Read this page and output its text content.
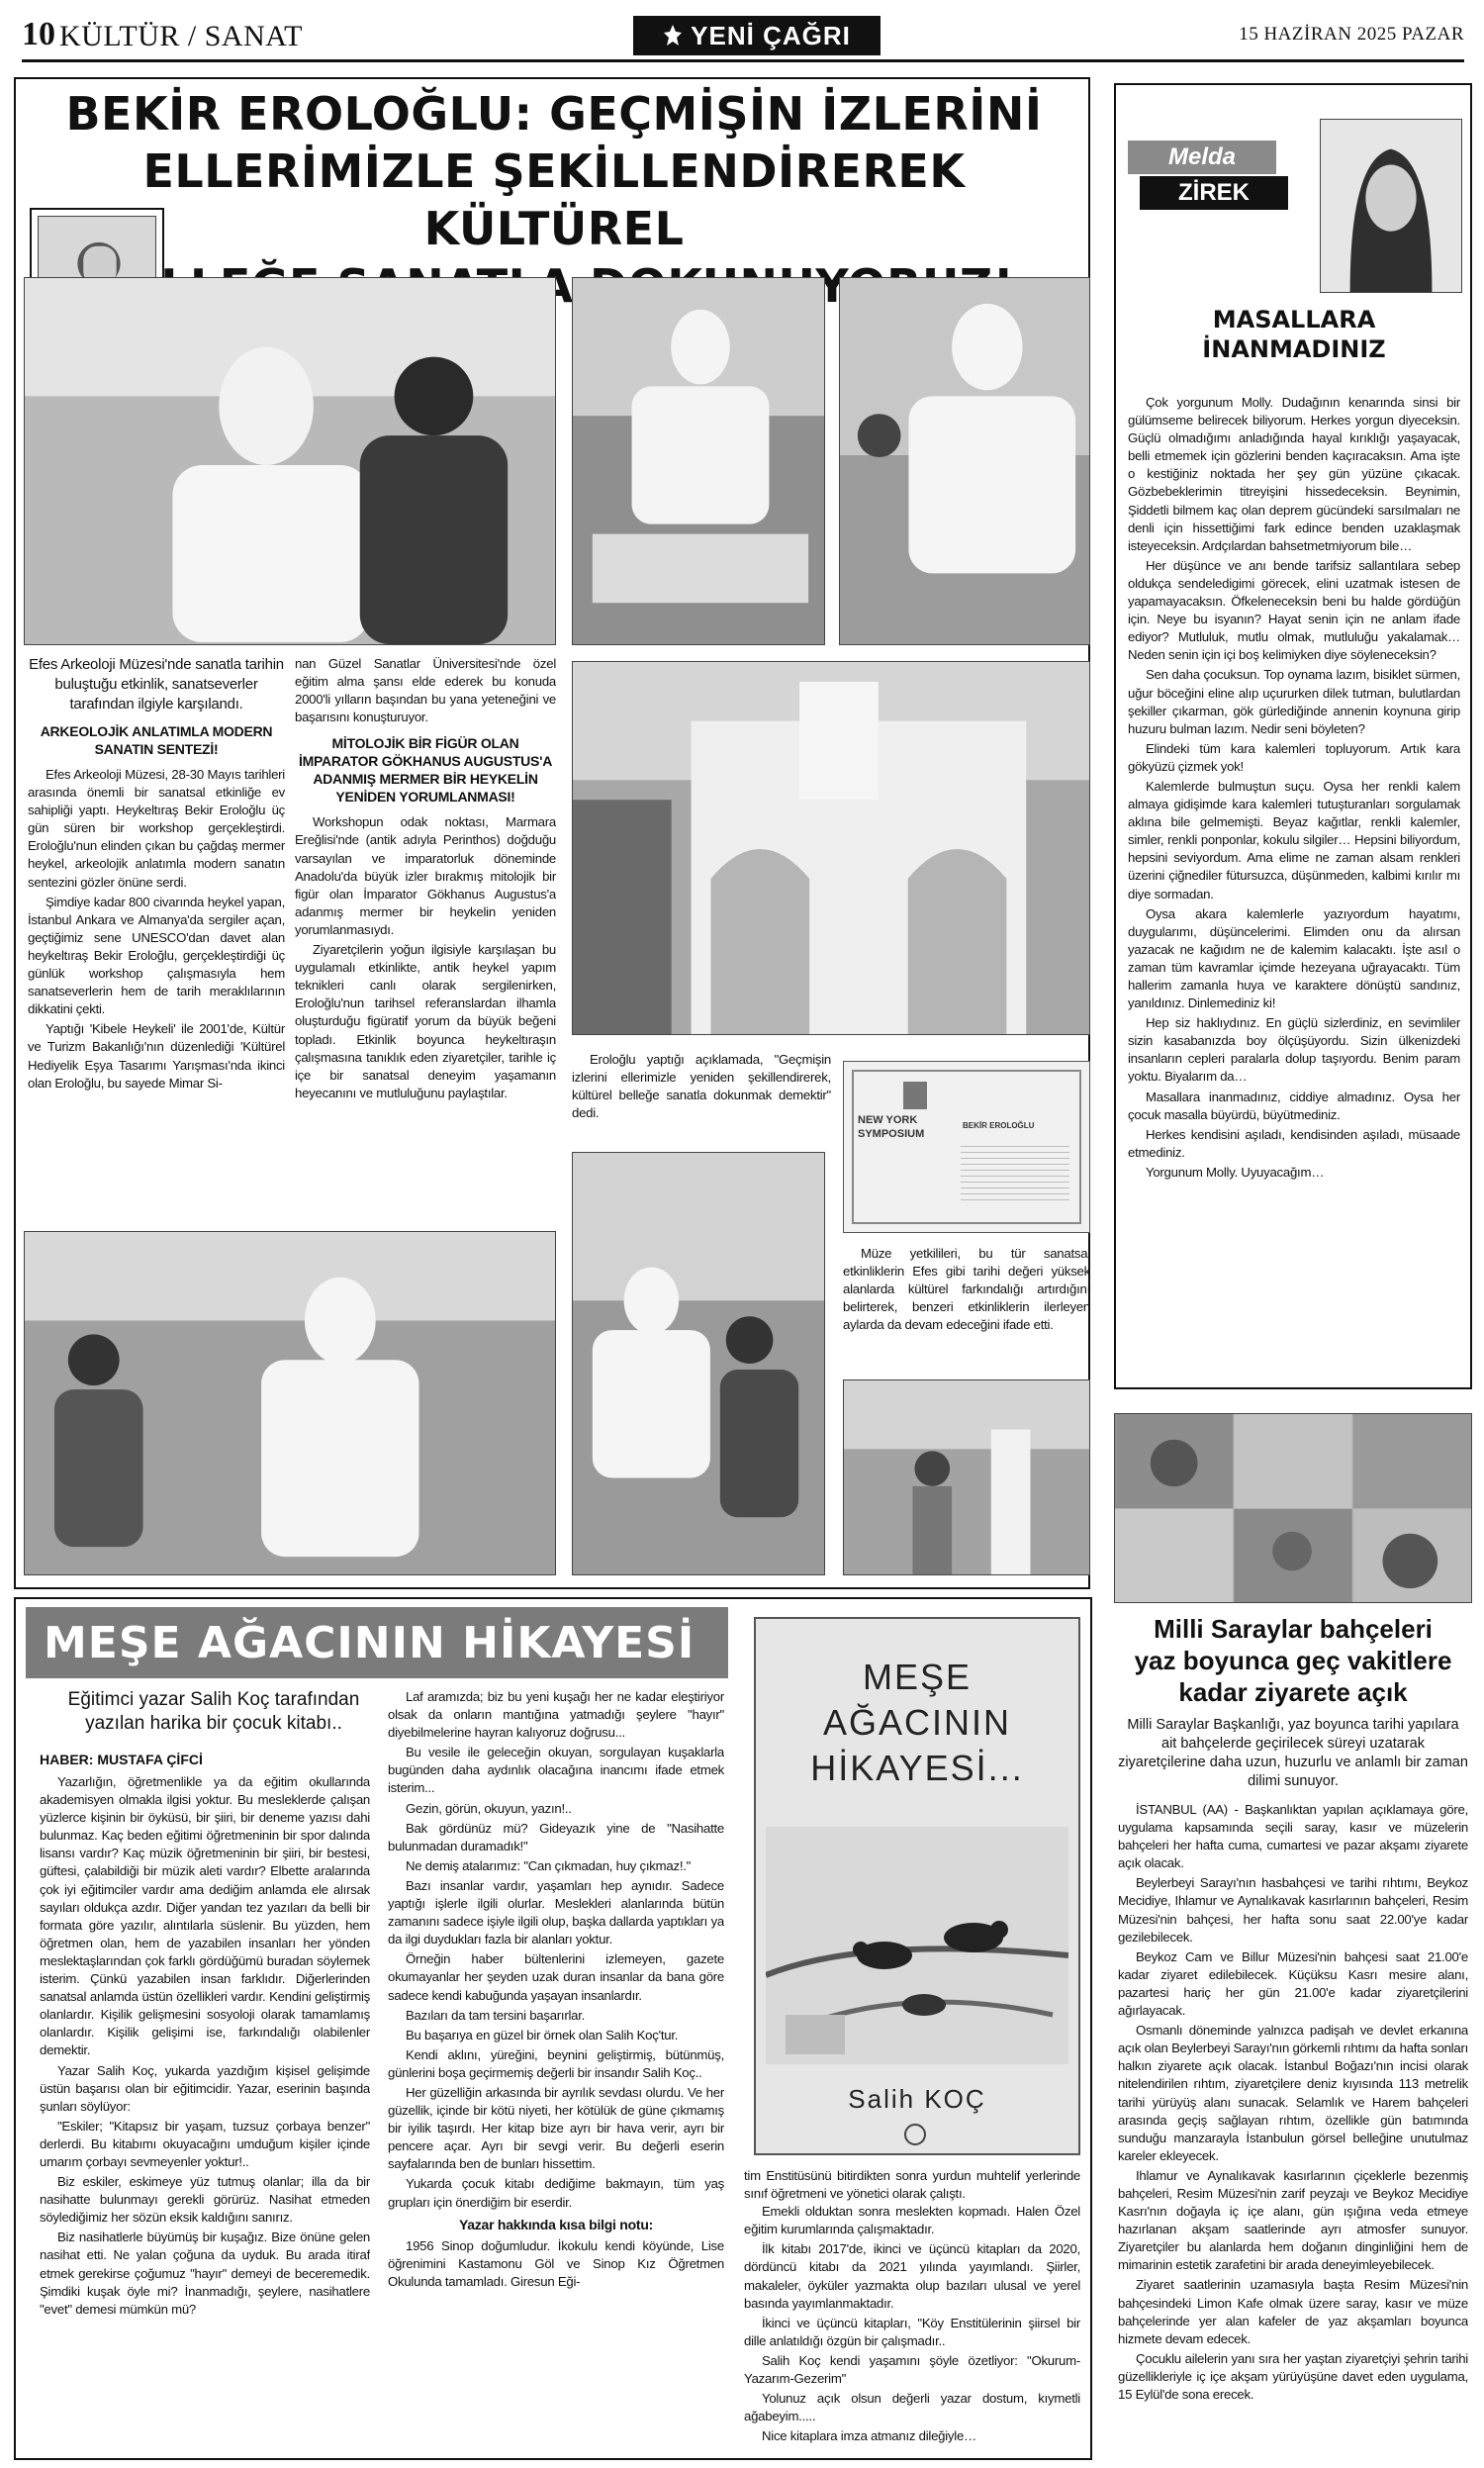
10 KÜLTÜR / SANAT	YENİ ÇAĞRI	15 HAZİRAN 2025 PAZAR
BEKİR EROLOĞLU: GEÇMİŞİN İZLERİNİ
ELLERİMİZLE ŞEKİLLENDİREREK KÜLTÜREL
Efes Arkeoloji Müzesi'nde sanatla tarihin buluştuğu etkinlik, sanatseverler tarafından ilgiyle karşılandı.
ARKEOLOJİK ANLATIMLA MODERN SANATIN SENTEZİ!

Efes Arkeoloji Müzesi, 28-30 Mayıs tarihleri arasında önemli bir sanatsal etkinliğe ev sahipliği yaptı. Heykeltıraş Bekir Eroloğlu üç gün süren bir workshop gerçekleştirdi. Eroloğlu'nun elinden çıkan bu çağdaş mermer heykel, arkeolojik anlatımla modern sanatın sentezini gözler önüne serdi.

Şimdiye kadar 800 civarında heykel yapan, İstanbul Ankara ve Almanya'da sergiler açan, geçtiğimiz sene UNESCO'dan davet alan heykeltıraş Bekir Eroloğlu, gerçekleştirdiği üç günlük workshop çalışmasıyla hem sanatseverlerin hem de tarih meraklılarının dikkatini çekti.

Yaptığı 'Kibele Heykeli' ile 2001'de, Kültür ve Turizm Bakanlığı'nın düzenlediği 'Kültürel Hediyelik Eşya Tasarımı Yarışması'nda ikinci olan Eroloğlu, bu sayede Mimar Si-

nan Güzel Sanatlar Üniversitesi'nde özel eğitim alma şansı elde ederek bu konuda 2000'li yılların başından bu yana yeteneğini ve başarısını konuşturuyor.
MİTOLOJİK BİR FİGÜR OLAN İMPARATOR GÖKHANUS AUGUSTUS'A ADANMIŞ MERMER BİR HEYKELİN YENİDEN YORUMLANMASI!

Workshopun odak noktası, Marmara Ereğlisi'nde (antik adıyla Perinthos) doğduğu varsayılan ve imparatorluk döneminde Anadolu'da büyük izler bırakmış mitolojik bir figür olan İmparator Gökhanus Augustus'a adanmış mermer bir heykelin yeniden yorumlanmasıydı.

Ziyaretçilerin yoğun ilgisiyle karşılaşan bu uygulamalı etkinlikte, antik heykel yapım teknikleri canlı olarak sergilenirken, Eroloğlu'nun tarihsel referanslardan ilhamla oluşturduğu figüratif yorum da büyük beğeni topladı. Etkinlik boyunca heykeltıraşın çalışmasına tanıklık eden ziyaretçiler, tarihle iç içe bir sanatsal deneyim yaşamanın heyecanını ve mutluluğunu paylaştılar.

Eroloğlu yaptığı açıklamada, "Geçmişin izlerini ellerimizle yeniden şekillendirerek, kültürel belleğe sanatla dokunmak demektir" dedi.	NEW YORK SYMPOSIUM
BEKİR EROLOĞLU
Müze yetkilileri, bu tür sanatsal etkinliklerin Efes gibi tarihi değeri yüksek alanlarda kültürel farkındalığı artırdığını belirterek, benzeri etkinliklerin ilerleyen aylarda da devam edeceğini ifade etti.
Melda
ZİREK
MASALLARA
İNANMADINIZ

Çok yorgunum Molly. Dudağının kenarında sinsi bir gülümseme belirecek biliyorum. Herkes yorgun diyeceksin. Güçlü olmadığımı anladığında hayal kırıklığı yaşayacak, belli etmemek için gözlerini benden kaçıracaksın. Ama işte o kestiğiniz noktada her şey gün yüzüne çıkacak. Gözbebeklerimin titreyişini hissedeceksin. Beynimin, Şiddetli bilmem kaç olan deprem gücündeki sarsılmaları ne denli için hissettiğimi fark edince benden uzaklaşmak isteyeceksin. Ardçılardan bahsetmetmiyorum bile…

Her düşünce ve anı bende tarifsiz sallantılara sebep oldukça sendeledigimi görecek, elini uzatmak istesen de yapamayacaksın. Öfkeleneceksin beni bu halde gördüğün için. Neye bu isyanın? Hayat senin için ne anlam ifade ediyor? Mutluluk, mutlu olmak, mutluluğu yakalamak… Neden senin için içi boş kelimiyken diye söyleneceksin?

Sen daha çocuksun. Top oynama lazım, bisiklet sürmen, uğur böceğini eline alıp uçururken dilek tutman, bulutlardan şekiller çıkarman, gök gürlediğinde annenin koynuna girip huzuru bulman lazım. Nedir seni böyleten?

Elindeki tüm kara kalemleri topluyorum. Artık kara gökyüzü çizmek yok!

Kalemlerde bulmuştun suçu. Oysa her renkli kalem almaya gidişimde kara kalemleri tutuşturanları sorgulamak aklına bile gelmemişti. Beyaz kağıtlar, renkli kalemler, simler, renkli ponponlar, kokulu silgiler… Hepsini biliyordum, hepsini seviyordum. Ama elime ne zaman alsam renkleri üzerini çiğnediler fütursuzca, düşünmeden, kalbimi kırılır mı diye sormadan.

Oysa akara kalemlerle yazıyordum hayatımı, duygularımı, düşüncelerimi. Elimden onu da alırsan yazacak ne kağıdım ne de kalemim kalacaktı. İşte asıl o zaman tüm kavramlar içimde hezeyana uğrayacaktı. Tüm hallerim zamanla huya ve karaktere dönüştü sandınız, yanıldınız. Dinlemediniz ki!

Hep siz haklıydınız. En güçlü sizlerdiniz, en sevimliler sizin kasabanızda boy ölçüşüyordu. Sizin ülkenizdeki insanların cepleri paralarla dolup taşıyordu. Benim param yoktu. Biyalarım da…

Masallara inanmadınız, ciddiye almadınız. Oysa her çocuk masalla büyürdü, büyütmediniz.

Herkes kendisini aşıladı, kendisinden aşıladı, müsaade etmediniz.

Yorgunum Molly. Uyuyacağım…

Milli Saraylar bahçeleri
yaz boyunca geç vakitlere
kadar ziyarete açık
Milli Saraylar Başkanlığı, yaz boyunca tarihi yapılara ait bahçelerde geçirilecek süreyi uzatarak ziyaretçilerine daha uzun, huzurlu ve anlamlı bir zaman dilimi sunuyor.

İSTANBUL (AA) - Başkanlıktan yapılan açıklamaya göre, uygulama kapsamında seçili saray, kasır ve müzelerin bahçeleri her hafta cuma, cumartesi ve pazar akşamı ziyarete açık olacak.

Beylerbeyi Sarayı'nın hasbahçesi ve tarihi rıhtımı, Beykoz Mecidiye, Ihlamur ve Aynalıkavak kasırlarının bahçeleri, Resim Müzesi'nin bahçesi, her hafta sonu saat 22.00'ye kadar gezilebilecek.

Beykoz Cam ve Billur Müzesi'nin bahçesi saat 21.00'e kadar ziyaret edilebilecek. Küçüksu Kasrı mesire alanı, pazartesi hariç her gün 21.00'e kadar ziyaretçilerini ağırlayacak.

Osmanlı döneminde yalnızca padişah ve devlet erkanına açık olan Beylerbeyi Sarayı'nın görkemli rıhtımı da hafta sonları halkın ziyarete açık olacak. İstanbul Boğazı'nın incisi olarak nitelendirilen rıhtım, ziyaretçilere deniz kıyısında 113 metrelik tarihi yürüyüş alanı sunacak. Selamlık ve Harem bahçeleri arasında geçiş sağlayan rıhtım, özellikle gün batımında sunduğu manzarayla İstanbulun görsel belleğine unutulmaz kareler ekleyecek.

Ihlamur ve Aynalıkavak kasırlarının çiçeklerle bezenmiş bahçeleri, Resim Müzesi'nin zarif peyzajı ve Beykoz Mecidiye Kasrı'nın doğayla iç içe alanı, gün ışığına veda etmeye hazırlanan akşam saatlerinde ayrı atmosfer sunuyor. Ziyaretçiler bu alanlarda hem doğanın dinginliğini hem de mimarinin estetik zarafetini bir arada deneyimleyebilecek.

Ziyaret saatlerinin uzamasıyla başta Resim Müzesi'nin bahçesindeki Limon Kafe olmak üzere saray, kasır ve müze bahçelerinde yer alan kafeler de yaz akşamları boyunca hizmete devam edecek.

Çocuklu ailelerin yanı sıra her yaştan ziyaretçiyi şehrin tarihi güzellikleriyle iç içe akşam yürüyüşüne davet eden uygulama, 15 Eylül'de sona erecek.

MEŞE AĞACININ HİKAYESİ
Eğitimci yazar Salih Koç tarafından yazılan harika bir çocuk kitabı..
HABER: MUSTAFA ÇİFCİ

Yazarlığın, öğretmenlikle ya da eğitim okullarında akademisyen olmakla ilgisi yoktur. Bu mesleklerde çalışan yüzlerce kişinin bir öyküsü, bir şiiri, bir deneme yazısı dahi bulunmaz. Kaç beden eğitimi öğretmeninin bir spor dalında lisansı vardır? Kaç müzik öğretmeninin bir şiiri, bir bestesi, güftesi, çalabildiği bir müzik aleti vardır? Elbette aralarında çok iyi eğitimciler vardır ama dediğim anlamda ele alırsak sayıları oldukça azdır. Diğer yandan tez yazıları da belli bir formata göre yazılır, alıntılarla süslenir. Bu yüzden, hem öğretmen olan, hem de yazabilen insanları her yönden meslektaşlarından çok farklı gördüğümü buradan söylemek isterim. Çünkü yazabilen insan farklıdır. Diğerlerinden sanatsal anlamda üstün özellikleri vardır. Kendini geliştirmiş olanlardır. Kişilik gelişmesini sosyoloji olarak tamamlamış olanlardır. Kişilik gelişimi ise, farkındalığı olabilenler demektir.

Yazar Salih Koç, yukarda yazdığım kişisel gelişimde üstün başarısı olan bir eğitimcidir. Yazar, eserinin başında şunları söylüyor:

"Eskiler; "Kitapsız bir yaşam, tuzsuz çorbaya benzer" derlerdi. Bu kitabımı okuyacağını umduğum kişiler içinde umarım çorbayı sevmeyenler yoktur!..

Biz eskiler, eskimeye yüz tutmuş olanlar; illa da bir nasihatte bulunmayı gerekli görürüz. Nasihat etmeden söylediğimiz her sözün eksik kaldığını sanırız.

Biz nasihatlerle büyümüş bir kuşağız. Bize önüne gelen nasihat etti. Ne yalan çoğuna da uyduk. Bu arada itiraf etmek gerekirse çoğumuz "hayır" demeyi de beceremedik. Şimdiki kuşak öyle mi? İnanmadığı, şeylere, nasihatlere "evet" demesi mümkün mü?

Laf aramızda; biz bu yeni kuşağı her ne kadar eleştiriyor olsak da onların mantığına yatmadığı şeylere "hayır" diyebilmelerine hayran kalıyoruz doğrusu...

Bu vesile ile geleceğin okuyan, sorgulayan kuşaklarla bugünden daha aydınlık olacağına inancımı ifade etmek isterim...

Gezin, görün, okuyun, yazın!..

Bak gördünüz mü? Gideyazık yine de "Nasihatte bulunmadan duramadık!"

Ne demiş atalarımız: "Can çıkmadan, huy çıkmaz!."

Bazı insanlar vardır, yaşamları hep aynıdır. Sadece yaptığı işlerle ilgili olurlar. Meslekleri alanlarında bütün zamanını sadece işiyle ilgili olup, başka dallarda yaptıkları ya da ilgi duydukları fazla bir alanları yoktur.

Örneğin haber bültenlerini izlemeyen, gazete okumayanlar her şeyden uzak duran insanlar da bana göre sadece kendi kabuğunda yaşayan insanlardır.

Bazıları da tam tersini başarırlar.

Bu başarıya en güzel bir örnek olan Salih Koç'tur.

Kendi aklını, yüreğini, beynini geliştirmiş, bütünmüş, günlerini boşa geçirmemiş değerli bir insandır Salih Koç..

Her güzelliğin arkasında bir ayrılık sevdası olurdu. Ve her güzellik, içinde bir kötü niyeti, her kötülük de güne çıkmamış bir iyilik taşırdı. Her kitap bize ayrı bir hava verir, ayrı bir pencere açar. Ayrı bir sevgi verir. Bu değerli eserin sayfalarında ben de bunları hissettim.

Yukarda çocuk kitabı dediğime bakmayın, tüm yaş grupları için önerdiğim bir eserdir.

Yazar hakkında kısa bilgi notu:

1956 Sinop doğumludur. İkokulu kendi köyünde, Lise öğrenimini Kastamonu Göl ve Sinop Kız Öğretmen Okulunda tamamladı. Giresun Eği-

MEŞE
AĞACININ
HİKAYESİ...
Salih KOÇ
tim Enstitüsünü bitirdikten sonra yurdun muhtelif yerlerinde sınıf öğretmeni ve yönetici olarak çalıştı.

Emekli olduktan sonra meslekten kopmadı. Halen Özel eğitim kurumlarında çalışmaktadır.

İlk kitabı 2017'de, ikinci ve üçüncü kitapları da 2020, dördüncü kitabı da 2021 yılında yayımlandı. Şiirler, makaleler, öyküler yazmakta olup bazıları ulusal ve yerel basında yayımlanmaktadır.

İkinci ve üçüncü kitapları, "Köy Enstitülerinin şiirsel bir dille anlatıldığı özgün bir çalışmadır..

Salih Koç kendi yaşamını şöyle özetliyor: "Okurum-Yazarım-Gezerim"

Yolunuz açık olsun değerli yazar dostum, kıymetli ağabeyim.....

Nice kitaplara imza atmanız dileğiyle…
